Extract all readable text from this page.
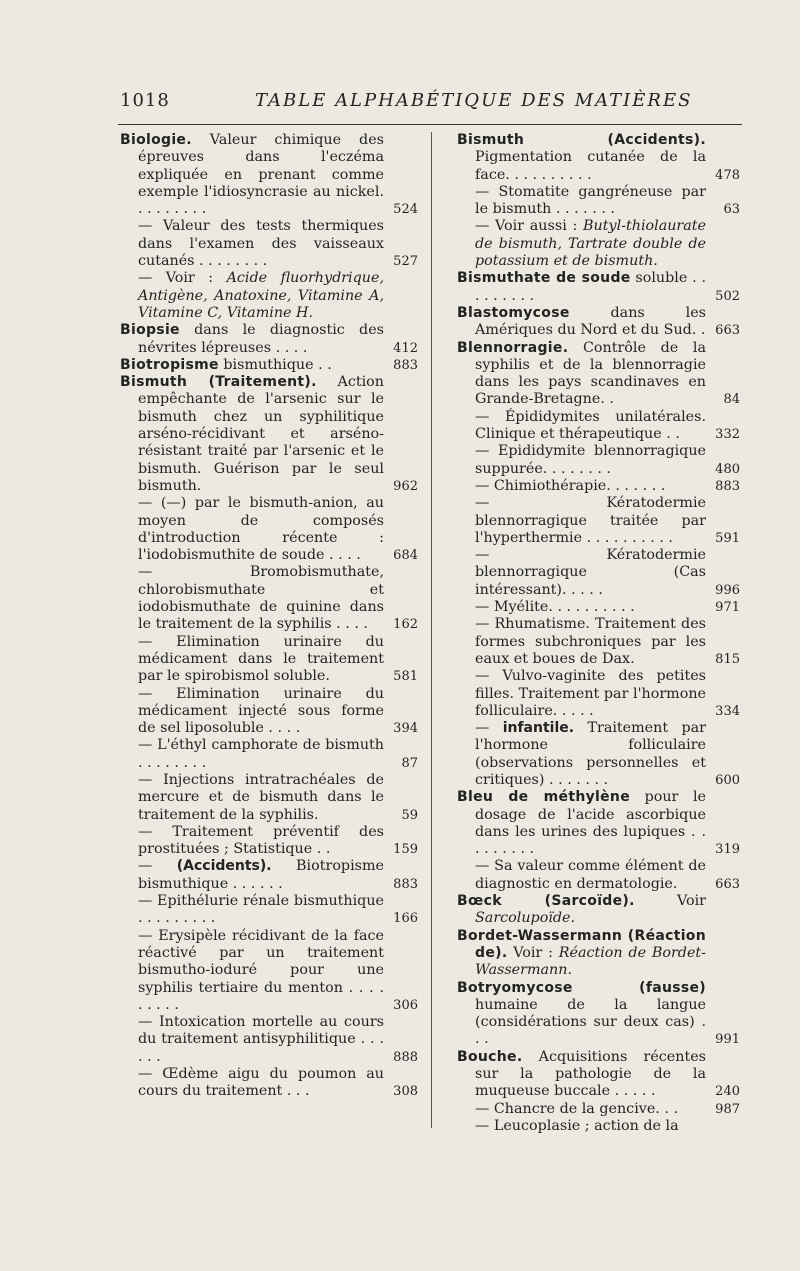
1018	TABLE ALPHABÉTIQUE DES MATIÈRES
Biologie. Valeur chimique des épreuves dans l'eczéma expliquée en prenant comme exemple l'idiosyncrasie au nickel. . . . . . . . .	524
— Valeur des tests thermiques dans l'examen des vaisseaux cutanés . . . . . . . .	527
— Voir : Acide fluorhydrique, Antigène, Anatoxine, Vitamine A, Vitamine C, Vitamine H.
Biopsie dans le diagnostic des névrites lépreuses . . . .	412
Biotropisme bismuthique . .	883
Bismuth (Traitement). Action empêchante de l'arsenic sur le bismuth chez un syphilitique arséno-récidivant et arséno-résistant traité par l'arsenic et le bismuth. Guérison par le seul bismuth.	962
— (—) par le bismuth-anion, au moyen de composés d'introduction récente : l'iodobismuthite de soude . . . .	684
— Bromobismuthate, chlorobismuthate et iodobismuthate de quinine dans le traitement de la syphilis . . . .	162
— Elimination urinaire du médicament dans le traitement par le spirobismol soluble.	581
— Elimination urinaire du médicament injecté sous forme de sel liposoluble . . . .	394
— L'éthyl camphorate de bismuth . . . . . . . .	87
— Injections intratrachéales de mercure et de bismuth dans le traitement de la syphilis.	59
— Traitement préventif des prostituées ; Statistique . .	159
— (Accidents). Biotropisme bismuthique . . . . . .	883
— Epithélurie rénale bismuthique . . . . . . . . .	166
— Erysipèle récidivant de la face réactivé par un traitement bismutho-ioduré pour une syphilis tertiaire du menton . . . . . . . . .	306
— Intoxication mortelle au cours du traitement antisyphilitique . . . . . .	888
— Œdème aigu du poumon au cours du traitement . . .	308
Bismuth (Accidents). Pigmentation cutanée de la face. . . . . . . . . .	478
— Stomatite gangréneuse par le bismuth . . . . . . .	63
— Voir aussi : Butyl-thiolaurate de bismuth, Tartrate double de potassium et de bismuth.
Bismuthate de soude soluble . . . . . . . . .	502
Blastomycose dans les Amériques du Nord et du Sud. . 663
Blennorragie. Contrôle de la syphilis et de la blennorragie dans les pays scandinaves en Grande-Bretagne. .	84
— Épididymites unilatérales. Clinique et thérapeutique . .	332
— Epididymite blennorragique suppurée. . . . . . . .	480
— Chimiothérapie. . . . . . .	883
— Kératodermie blennorragique traitée par l'hyperthermie . . . . . . . . . .	591
— Kératodermie blennorragique (Cas intéressant). . . . .	996
— Myélite. . . . . . . . . .	971
— Rhumatisme. Traitement des formes subchroniques par les eaux et boues de Dax.	815
— Vulvo-vaginite des petites filles. Traitement par l'hormone folliculaire. . . . .	334
— infantile. Traitement par l'hormone folliculaire (observations personnelles et critiques) . . . . . . .	600
Bleu de méthylène pour le dosage de l'acide ascorbique dans les urines des lupiques . . . . . . . . .	319
— Sa valeur comme élément de diagnostic en dermatologie.	663
Bœck (Sarcoïde). Voir Sarcolupoïde.
Bordet-Wassermann (Réaction de). Voir : Réaction de Bordet-Wassermann.
Botryomycose (fausse) humaine de la langue (considérations sur deux cas) . . .	991
Bouche. Acquisitions récentes sur la pathologie de la muqueuse buccale . . . . .	240
— Chancre de la gencive. . .	987
— Leucoplasie ; action de la
